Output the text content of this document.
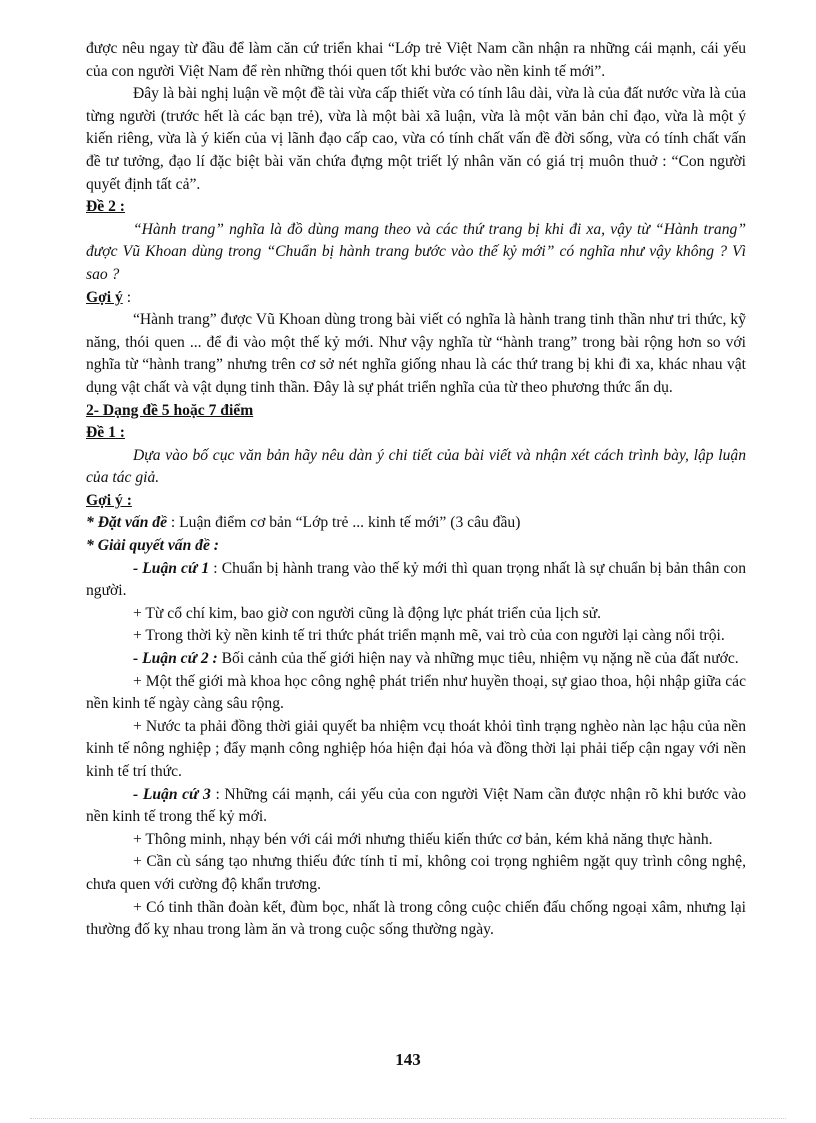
được nêu ngay từ đầu để làm căn cứ triển khai “Lớp trẻ Việt Nam cần nhận ra những cái mạnh, cái yếu của con người Việt Nam để rèn những thói quen tốt khi bước vào nền kinh tế mới”.

Đây là bài nghị luận về một đề tài vừa cấp thiết vừa có tính lâu dài, vừa là của đất nước vừa là của từng người (trước hết là các bạn trẻ), vừa là một bài xã luận, vừa là một văn bản chỉ đạo, vừa là một ý kiến riêng, vừa là ý kiến của vị lãnh đạo cấp cao, vừa có tính chất vấn đề đời sống, vừa có tính chất vấn đề tư tưởng, đạo lí đặc biệt bài văn chứa đựng một triết lý nhân văn có giá trị muôn thuở : “Con người quyết định tất cả”.

Đề 2 :

“Hành trang” nghĩa là đồ dùng mang theo và các thứ trang bị khi đi xa, vậy từ “Hành trang” được Vũ Khoan dùng trong “Chuẩn bị hành trang bước vào thế kỷ mới” có nghĩa như vậy không ? Vì sao ?

Gợi ý :

“Hành trang” được Vũ Khoan dùng trong bài viết có nghĩa là hành trang tinh thần như tri thức, kỹ năng, thói quen ... để đi vào một thế kỷ mới. Như vậy nghĩa từ “hành trang” trong bài rộng hơn so với nghĩa từ “hành trang” nhưng trên cơ sở nét nghĩa giống nhau là các thứ trang bị khi đi xa, khác nhau vật dụng vật chất và vật dụng tinh thần. Đây là sự phát triển nghĩa của từ theo phương thức ẩn dụ.

2- Dạng đề 5 hoặc 7 điểm

Đề 1 :

Dựa vào bố cục văn bản hãy nêu dàn ý chi tiết của bài viết và nhận xét cách trình bày, lập luận của tác giả.

Gợi ý :

* Đặt vấn đề : Luận điểm cơ bản “Lớp trẻ ... kinh tế mới” (3 câu đầu)

* Giải quyết vấn đề :

- Luận cứ 1 : Chuẩn bị hành trang vào thế kỷ mới thì quan trọng nhất là sự chuẩn bị bản thân con người.

+ Từ cổ chí kim, bao giờ con người cũng là động lực phát triển của lịch sử.

+ Trong thời kỳ nền kinh tế tri thức phát triển mạnh mẽ, vai trò của con người lại càng nổi trội.

- Luận cứ 2 : Bối cảnh của thế giới hiện nay và những mục tiêu, nhiệm vụ nặng nề của đất nước.

+ Một thế giới mà khoa học công nghệ phát triển như huyền thoại, sự giao thoa, hội nhập giữa các nền kinh tế ngày càng sâu rộng.

+ Nước ta phải đồng thời giải quyết ba nhiệm vcụ thoát khỏi tình trạng nghèo nàn lạc hậu của nền kinh tế nông nghiệp ; đẩy mạnh công nghiệp hóa hiện đại hóa và đồng thời lại phải tiếp cận ngay với nền kinh tế trí thức.

- Luận cứ 3 : Những cái mạnh, cái yếu của con người Việt Nam cần được nhận rõ khi bước vào nền kinh tế trong thế kỷ mới.

+ Thông minh, nhạy bén với cái mới nhưng thiếu kiến thức cơ bản, kém khả năng thực hành.

+ Cần cù sáng tạo nhưng thiếu đức tính tỉ mỉ, không coi trọng nghiêm ngặt quy trình công nghệ, chưa quen với cường độ khẩn trương.

+ Có tinh thần đoàn kết, đùm bọc, nhất là trong công cuộc chiến đấu chống ngoại xâm, nhưng lại thường đố kỵ nhau trong làm ăn và trong cuộc sống thường ngày.

143
